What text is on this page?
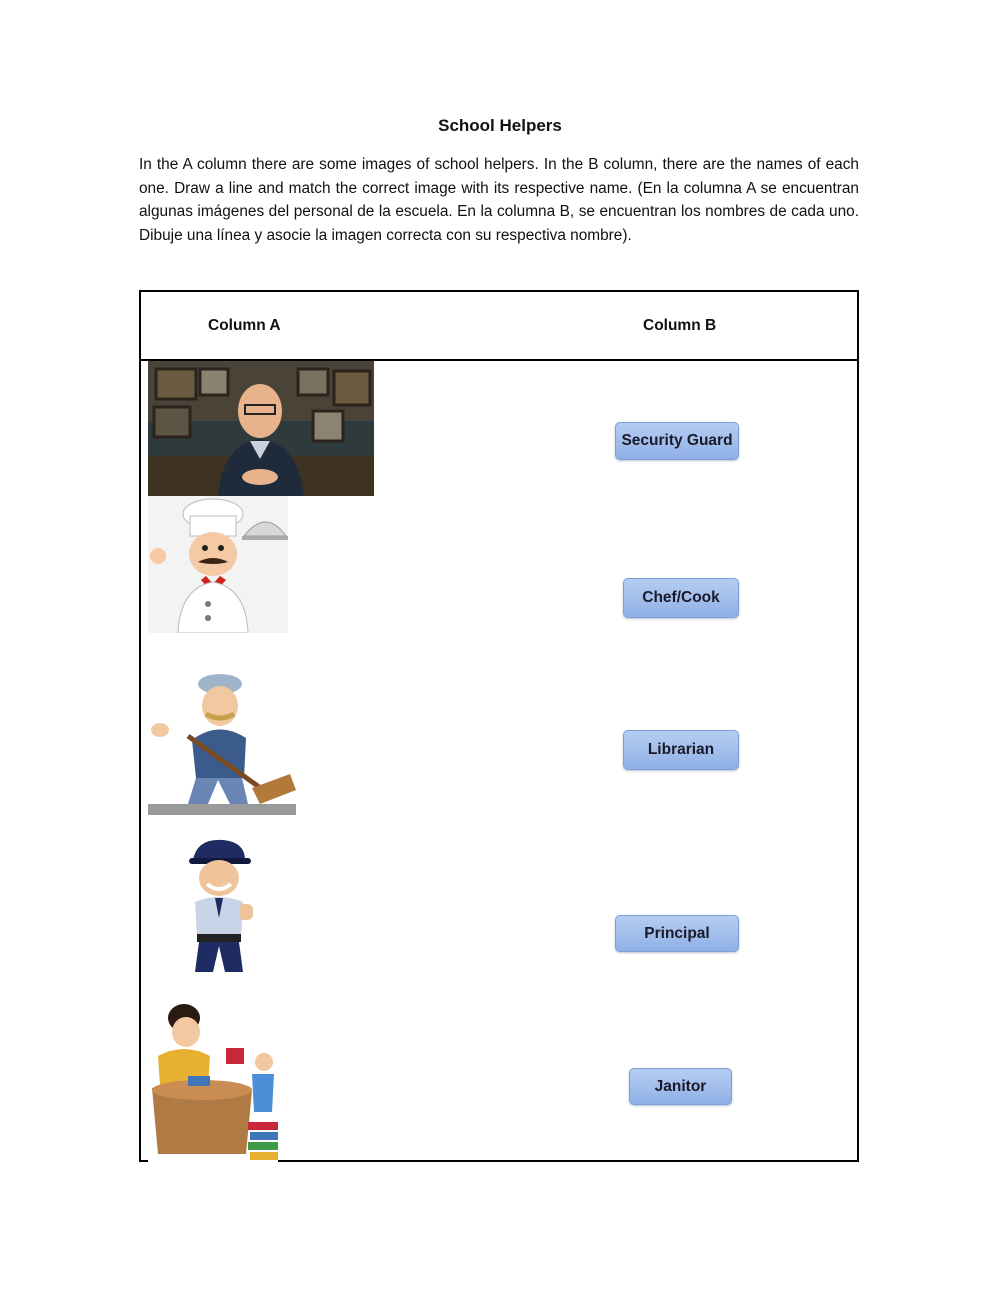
School Helpers
In the A column there are some images of school helpers. In the B column, there are the names of each one. Draw a line and match the correct image with its respective name. (En la columna A se encuentran algunas imágenes del personal de la escuela. En la columna B, se encuentran los nombres de cada uno. Dibuje una línea y asocie la imagen correcta con su respectiva nombre).
Column A	Column B
Security Guard
Chef/Cook
Librarian
Principal
Janitor
